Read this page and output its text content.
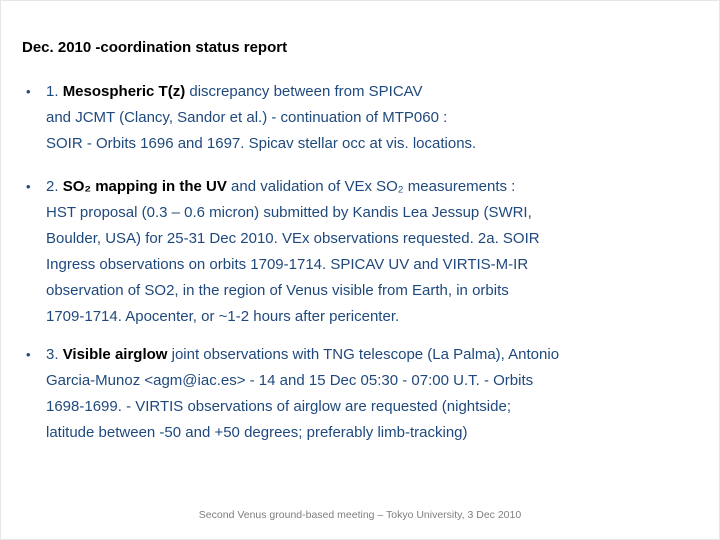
Dec. 2010 -coordination status report
•	1. Mesospheric T(z) discrepancy between from SPICAV
and JCMT (Clancy, Sandor et al.) - continuation of MTP060 :
SOIR - Orbits 1696 and 1697. Spicav stellar occ at vis. locations.
•	2. SO₂ mapping in the UV and validation of VEx SO₂ measurements :
HST proposal (0.3 – 0.6 micron) submitted by Kandis Lea Jessup (SWRI,
Boulder, USA) for 25-31 Dec 2010. VEx observations requested. 2a. SOIR
Ingress observations on orbits 1709-1714. SPICAV UV and VIRTIS-M-IR
observation of SO2, in the region of Venus visible from Earth, in orbits
1709-1714. Apocenter, or ~1-2 hours after pericenter.
•	3. Visible airglow joint observations with TNG telescope (La Palma), Antonio
Garcia-Munoz <agm@iac.es> - 14 and 15 Dec 05:30 - 07:00 U.T. - Orbits
1698-1699. - VIRTIS observations of airglow are requested (nightside;
latitude between -50 and +50 degrees; preferably limb-tracking)
Second Venus ground-based meeting – Tokyo University, 3 Dec 2010
